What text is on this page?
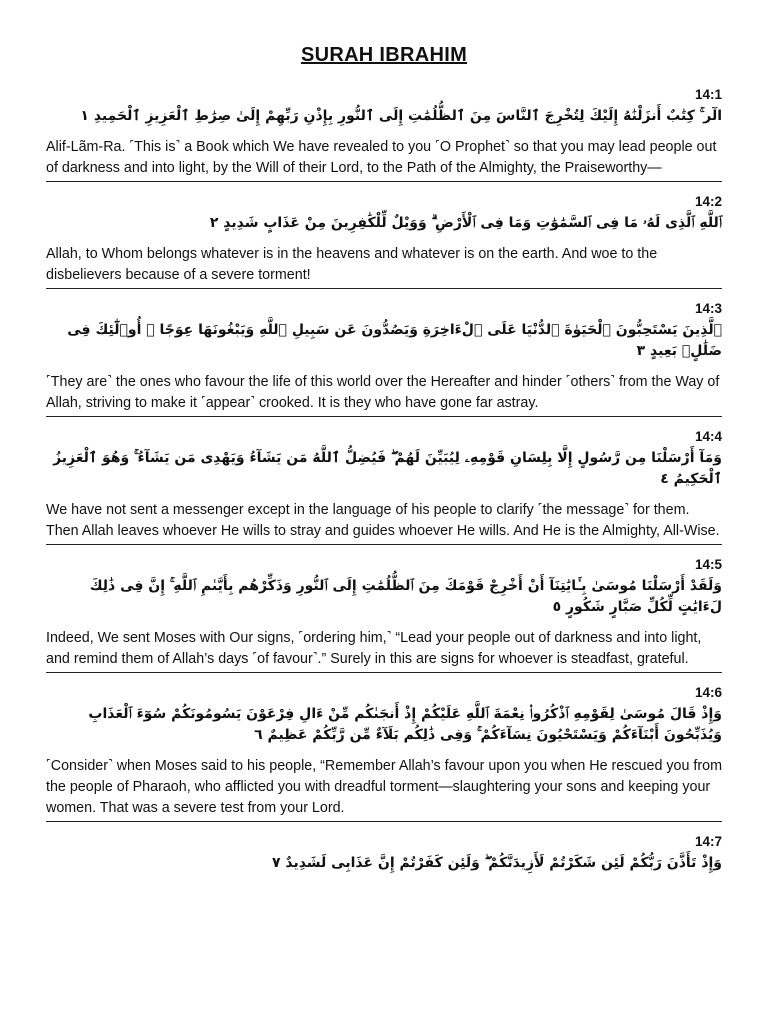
SURAH IBRAHIM
14:1
الٓر ۚ كِتَٰبٌ أَنزَلْنَٰهُ إِلَيْكَ لِتُخْرِجَ ٱلنَّاسَ مِنَ ٱلظُّلُمَٰتِ إِلَى ٱلنُّورِ بِإِذْنِ رَبِّهِمْ إِلَىٰ صِرَٰطِ ٱلْعَزِيزِ ٱلْحَمِيدِ ١
Alif-Lãm-Ra. ˹This is˺ a Book which We have revealed to you ˹O Prophet˺ so that you may lead people out of darkness and into light, by the Will of their Lord, to the Path of the Almighty, the Praiseworthy—
14:2
ٱللَّهِ ٱلَّذِى لَهُۥ مَا فِى ٱلسَّمَٰوَٰتِ وَمَا فِى ٱلْأَرْضِ ۗ وَوَيْلٌ لِّلْكَٰفِرِينَ مِنْ عَذَابٍ شَدِيدٍ ٢
Allah, to Whom belongs whatever is in the heavens and whatever is on the earth. And woe to the disbelievers because of a severe torment!
14:3
ٱلَّذِينَ يَسْتَحِبُّونَ ٱلْحَيَوٰةَ ٱلدُّنْيَا عَلَى ٱلْءَاخِرَةِ وَيَصُدُّونَ عَن سَبِيلِ ٱللَّهِ وَيَبْغُونَهَا عِوَجًا ۚ أُو۟لَٰٓئِكَ فِى ضَلَٰلٍۭ بَعِيدٍ ٣
˹They are˺ the ones who favour the life of this world over the Hereafter and hinder ˹others˺ from the Way of Allah, striving to make it ˹appear˺ crooked. It is they who have gone far astray.
14:4
وَمَآ أَرْسَلْنَا مِن رَّسُولٍ إِلَّا بِلِسَانِ قَوْمِهِۦ لِيُبَيِّنَ لَهُمْ ۖ فَيُضِلُّ ٱللَّهُ مَن يَشَآءُ وَيَهْدِى مَن يَشَآءُ ۚ وَهُوَ ٱلْعَزِيزُ ٱلْحَكِيمُ ٤
We have not sent a messenger except in the language of his people to clarify ˹the message˺ for them. Then Allah leaves whoever He wills to stray and guides whoever He wills. And He is the Almighty, All-Wise.
14:5
وَلَقَدْ أَرْسَلْنَا مُوسَىٰ بِـَٔايَٰتِنَآ أَنْ أَخْرِجْ قَوْمَكَ مِنَ ٱلظُّلُمَٰتِ إِلَى ٱلنُّورِ وَذَكِّرْهُم بِأَيَّىٰمِ ٱللَّهِ ۚ إِنَّ فِى ذَٰلِكَ لَءَايَٰتٍ لِّكُلِّ صَبَّارٍ شَكُورٍ ٥
Indeed, We sent Moses with Our signs, ˹ordering him,˺ “Lead your people out of darkness and into light, and remind them of Allah’s days ˹of favour˺.” Surely in this are signs for whoever is steadfast, grateful.
14:6
وَإِذْ قَالَ مُوسَىٰ لِقَوْمِهِ ٱذْكُرُوا۟ نِعْمَةَ ٱللَّهِ عَلَيْكُمْ إِذْ أَنجَىٰكُم مِّنْ ءَالِ فِرْعَوْنَ يَسُومُونَكُمْ سُوٓءَ ٱلْعَذَابِ وَيُذَبِّحُونَ أَبْنَآءَكُمْ وَيَسْتَحْيُونَ نِسَآءَكُمْ ۚ وَفِى ذَٰلِكُم بَلَآءٌ مِّن رَّبِّكُمْ عَظِيمٌ ٦
˹Consider˺ when Moses said to his people, “Remember Allah’s favour upon you when He rescued you from the people of Pharaoh, who afflicted you with dreadful torment—slaughtering your sons and keeping your women. That was a severe test from your Lord.
14:7
وَإِذْ تَأَذَّنَ رَبُّكُمْ لَئِن شَكَرْتُمْ لَأَزِيدَنَّكُمْ ۖ وَلَئِن كَفَرْتُمْ إِنَّ عَذَابِى لَشَدِيدٌ ٧
